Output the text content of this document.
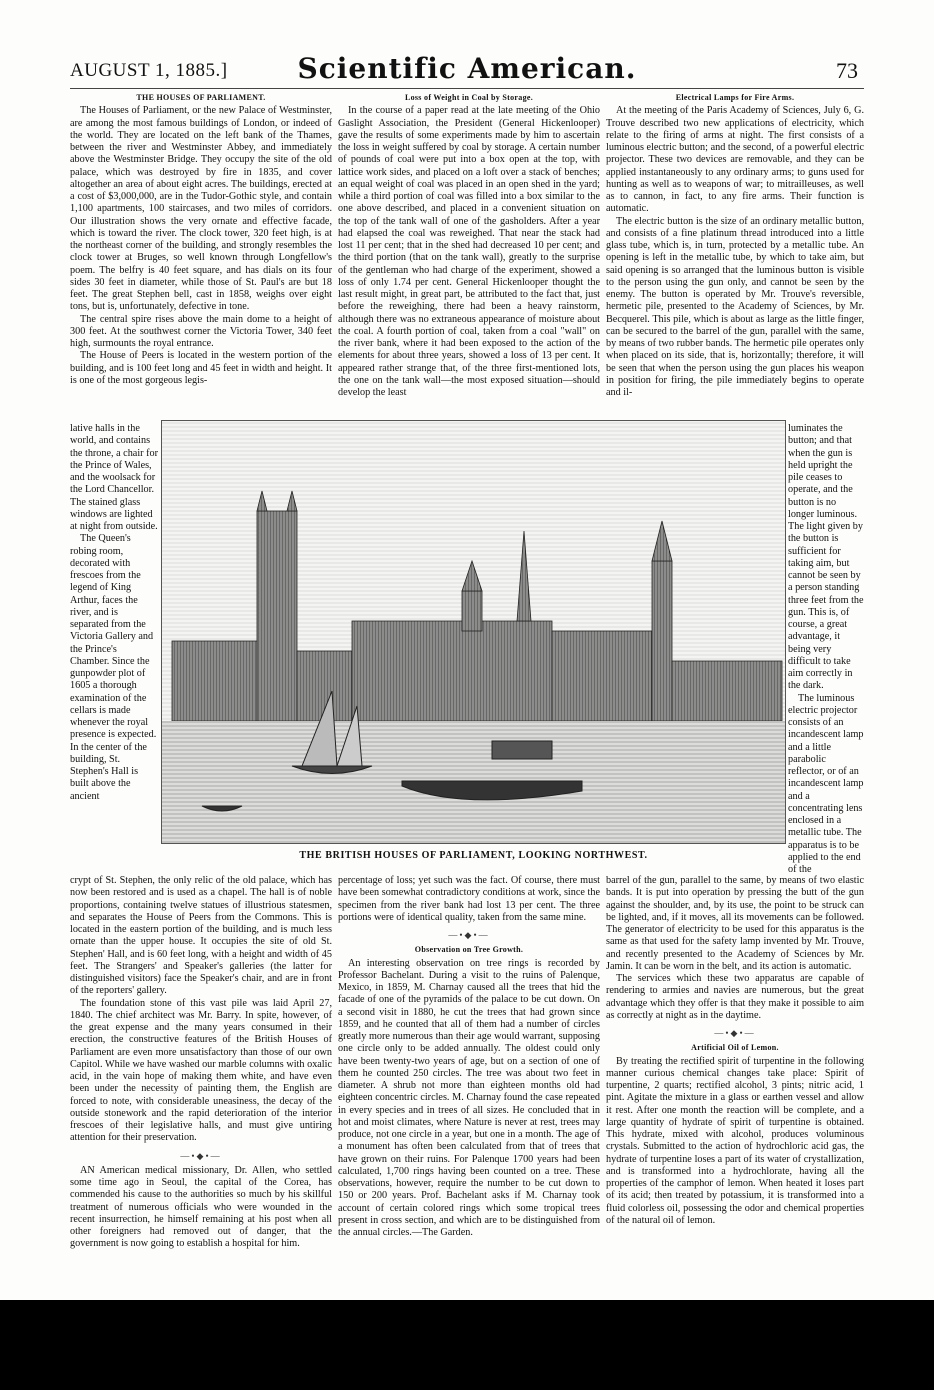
AUGUST 1, 1885.]	Scientific American.	73
THE HOUSES OF PARLIAMENT.

The Houses of Parliament, or the new Palace of Westminster, are among the most famous buildings of London, or indeed of the world. They are located on the left bank of the Thames, between the river and Westminster Abbey, and immediately above the Westminster Bridge. They occupy the site of the old palace, which was destroyed by fire in 1835, and cover altogether an area of about eight acres. The buildings, erected at a cost of $3,000,000, are in the Tudor-Gothic style, and contain 1,100 apartments, 100 staircases, and two miles of corridors. Our illustration shows the very ornate and effective facade, which is toward the river. The clock tower, 320 feet high, is at the northeast corner of the building, and strongly resembles the clock tower at Bruges, so well known through Longfellow's poem. The belfry is 40 feet square, and has dials on its four sides 30 feet in diameter, while those of St. Paul's are but 18 feet. The great Stephen bell, cast in 1858, weighs over eight tons, but is, unfortunately, defective in tone.

The central spire rises above the main dome to a height of 300 feet. At the southwest corner the Victoria Tower, 340 feet high, surmounts the royal entrance.

The House of Peers is located in the western portion of the building, and is 100 feet long and 45 feet in width and height. It is one of the most gorgeous legis-

Loss of Weight in Coal by Storage.

In the course of a paper read at the late meeting of the Ohio Gaslight Association, the President (General Hickenlooper) gave the results of some experiments made by him to ascertain the loss in weight suffered by coal by storage. A certain number of pounds of coal were put into a box open at the top, with lattice work sides, and placed on a loft over a stack of benches; an equal weight of coal was placed in an open shed in the yard; while a third portion of coal was filled into a box similar to the one above described, and placed in a convenient situation on the top of the tank wall of one of the gasholders. After a year had elapsed the coal was reweighed. That near the stack had lost 11 per cent; that in the shed had decreased 10 per cent; and the third portion (that on the tank wall), greatly to the surprise of the gentleman who had charge of the experiment, showed a loss of only 1.74 per cent. General Hickenlooper thought the last result might, in great part, be attributed to the fact that, just before the reweighing, there had been a heavy rainstorm, although there was no extraneous appearance of moisture about the coal. A fourth portion of coal, taken from a coal "wall" on the river bank, where it had been exposed to the action of the elements for about three years, showed a loss of 13 per cent. It appeared rather strange that, of the three first-mentioned lots, the one on the tank wall—the most exposed situation—should develop the least

Electrical Lamps for Fire Arms.

At the meeting of the Paris Academy of Sciences, July 6, G. Trouve described two new applications of electricity, which relate to the firing of arms at night. The first consists of a luminous electric button; and the second, of a powerful electric projector. These two devices are removable, and they can be applied instantaneously to any ordinary arms; to guns used for hunting as well as to weapons of war; to mitrailleuses, as well as to cannon, in fact, to any fire arms. Their function is automatic.

The electric button is the size of an ordinary metallic button, and consists of a fine platinum thread introduced into a little glass tube, which is, in turn, protected by a metallic tube. An opening is left in the metallic tube, by which to take aim, but said opening is so arranged that the luminous button is visible to the person using the gun only, and cannot be seen by the enemy. The button is operated by Mr. Trouve's reversible, hermetic pile, presented to the Academy of Sciences, by Mr. Becquerel. This pile, which is about as large as the little finger, can be secured to the barrel of the gun, parallel with the same, by means of two rubber bands. The hermetic pile operates only when placed on its side, that is, horizontally; therefore, it will be seen that when the person using the gun places his weapon in position for firing, the pile immediately begins to operate and il-

lative halls in the world, and contains the throne, a chair for the Prince of Wales, and the woolsack for the Lord Chancellor. The stained glass windows are lighted at night from outside.
The Queen's robing room, decorated with frescoes from the legend of King Arthur, faces the river, and is separated from the Victoria Gallery and the Prince's Chamber. Since the gunpowder plot of 1605 a thorough examination of the cellars is made whenever the royal presence is expected. In the center of the building, St. Stephen's Hall is built above the ancient
luminates the button; and that when the gun is held upright the pile ceases to operate, and the button is no longer luminous. The light given by the button is sufficient for taking aim, but cannot be seen by a person standing three feet from the gun. This is, of course, a great advantage, it being very difficult to take aim correctly in the dark.
The luminous electric projector consists of an incandescent lamp and a little parabolic reflector, or of an incandescent lamp and a concentrating lens enclosed in a metallic tube. The apparatus is to be applied to the end of the
THE BRITISH HOUSES OF PARLIAMENT, LOOKING NORTHWEST.

crypt of St. Stephen, the only relic of the old palace, which has now been restored and is used as a chapel. The hall is of noble proportions, containing twelve statues of illustrious statesmen, and separates the House of Peers from the Commons. This is located in the eastern portion of the building, and is much less ornate than the upper house. It occupies the site of old St. Stephen' Hall, and is 60 feet long, with a height and width of 45 feet. The Strangers' and Speaker's galleries (the latter for distinguished visitors) face the Speaker's chair, and are in front of the reporters' gallery.

The foundation stone of this vast pile was laid April 27, 1840. The chief architect was Mr. Barry. In spite, however, of the great expense and the many years consumed in their erection, the constructive features of the British Houses of Parliament are even more unsatisfactory than those of our own Capitol. While we have washed our marble columns with oxalic acid, in the vain hope of making them white, and have even been under the necessity of painting them, the English are forced to note, with considerable uneasiness, the decay of the outside stonework and the rapid deterioration of the interior frescoes of their legislative halls, and must give untiring attention for their preservation.

—•◆•—

AN American medical missionary, Dr. Allen, who settled some time ago in Seoul, the capital of the Corea, has commended his cause to the authorities so much by his skillful treatment of numerous officials who were wounded in the recent insurrection, he himself remaining at his post when all other foreigners had removed out of danger, that the government is now going to establish a hospital for him.

percentage of loss; yet such was the fact. Of course, there must have been somewhat contradictory conditions at work, since the specimen from the river bank had lost 13 per cent. The three portions were of identical quality, taken from the same mine.

—•◆•—
Observation on Tree Growth.

An interesting observation on tree rings is recorded by Professor Bachelant. During a visit to the ruins of Palenque, Mexico, in 1859, M. Charnay caused all the trees that hid the facade of one of the pyramids of the palace to be cut down. On a second visit in 1880, he cut the trees that had grown since 1859, and he counted that all of them had a number of circles greatly more numerous than their age would warrant, supposing one circle only to be added annually. The oldest could only have been twenty-two years of age, but on a section of one of them he counted 250 circles. The tree was about two feet in diameter. A shrub not more than eighteen months old had eighteen concentric circles. M. Charnay found the case repeated in every species and in trees of all sizes. He concluded that in hot and moist climates, where Nature is never at rest, trees may produce, not one circle in a year, but one in a month. The age of a monument has often been calculated from that of trees that have grown on their ruins. For Palenque 1700 years had been calculated, 1,700 rings having been counted on a tree. These observations, however, require the number to be cut down to 150 or 200 years. Prof. Bachelant asks if M. Charnay took account of certain colored rings which some tropical trees present in cross section, and which are to be distinguished from the annual circles.—The Garden.

barrel of the gun, parallel to the same, by means of two elastic bands. It is put into operation by pressing the butt of the gun against the shoulder, and, by its use, the point to be struck can be lighted, and, if it moves, all its movements can be followed. The generator of electricity to be used for this apparatus is the same as that used for the safety lamp invented by Mr. Trouve, and recently presented to the Academy of Sciences by Mr. Jamin. It can be worn in the belt, and its action is automatic.

The services which these two apparatus are capable of rendering to armies and navies are numerous, but the great advantage which they offer is that they make it possible to aim as correctly at night as in the daytime.

—•◆•—
Artificial Oil of Lemon.

By treating the rectified spirit of turpentine in the following manner curious chemical changes take place: Spirit of turpentine, 2 quarts; rectified alcohol, 3 pints; nitric acid, 1 pint. Agitate the mixture in a glass or earthen vessel and allow it rest. After one month the reaction will be complete, and a large quantity of hydrate of spirit of turpentine is obtained. This hydrate, mixed with alcohol, produces voluminous crystals. Submitted to the action of hydrochloric acid gas, the hydrate of turpentine loses a part of its water of crystallization, and is transformed into a hydrochlorate, having all the properties of the camphor of lemon. When heated it loses part of its acid; then treated by potassium, it is transformed into a fluid colorless oil, possessing the odor and chemical properties of the natural oil of lemon.
